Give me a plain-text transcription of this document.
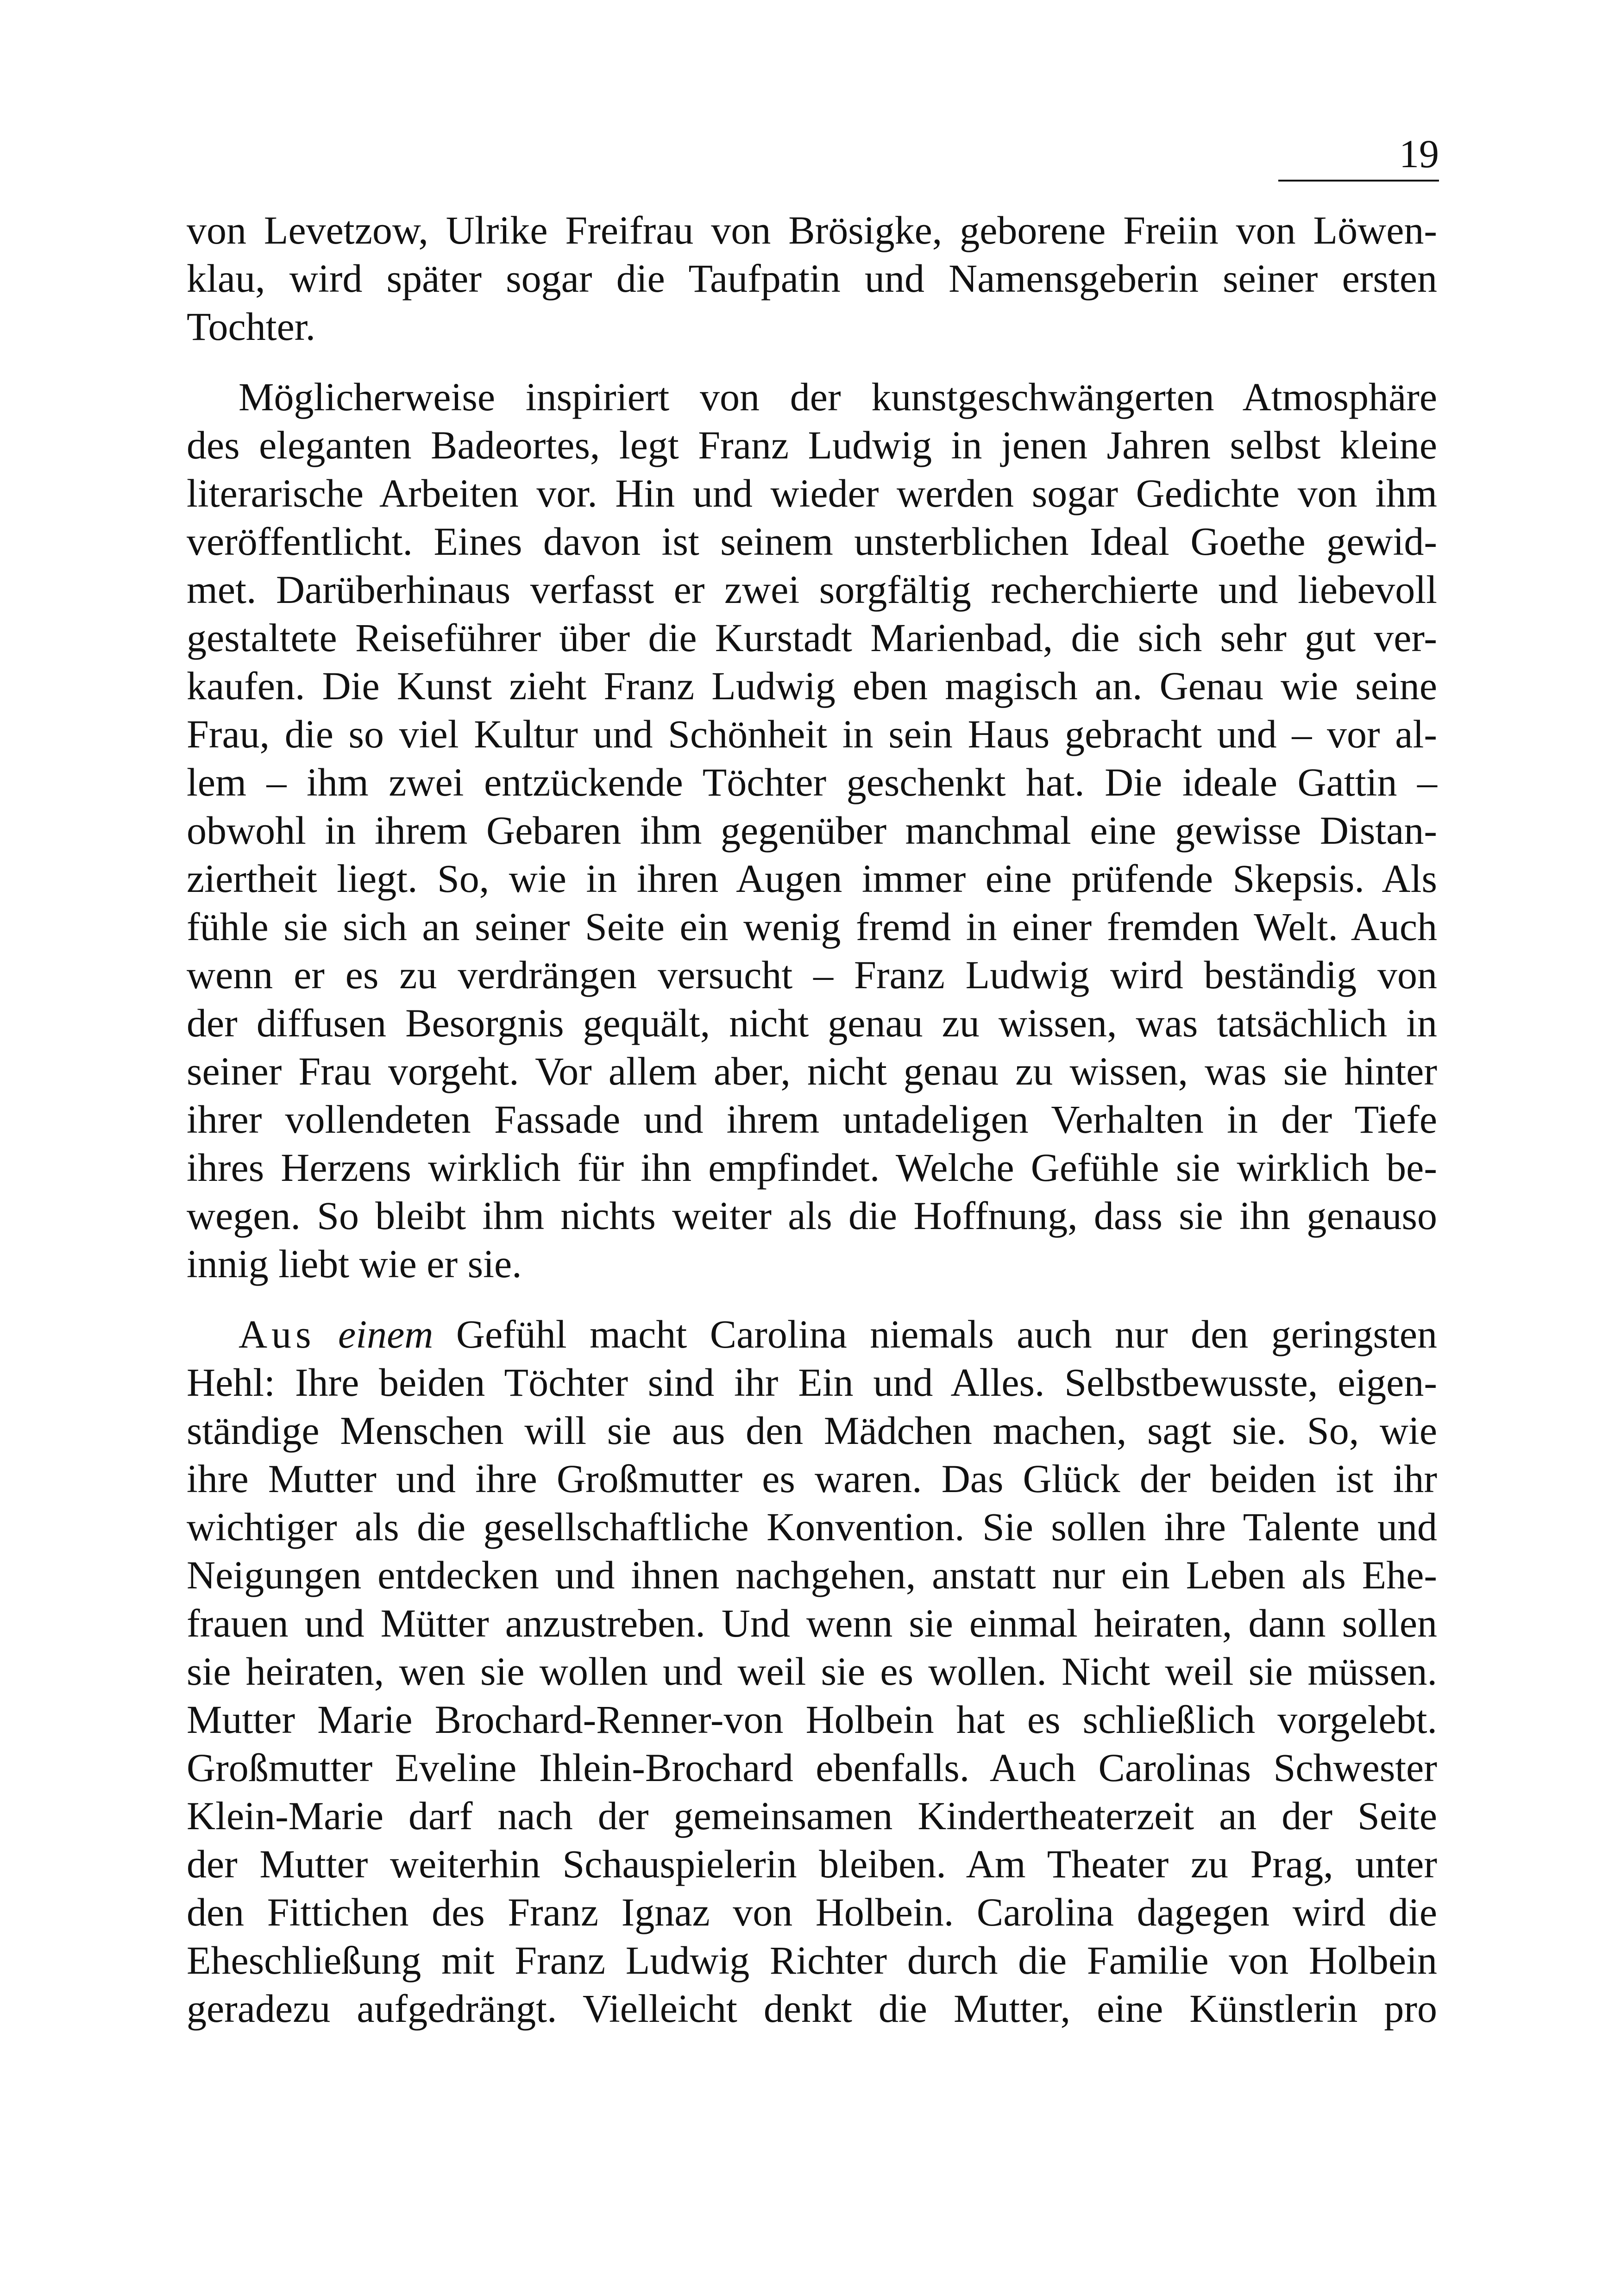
19
von Levetzow, Ulrike Freifrau von Brösigke, geborene Freiin von Löwen-
klau, wird später sogar die Taufpatin und Namensgeberin seiner ersten
Tochter.
Möglicherweise inspiriert von der kunstgeschwängerten Atmosphäre
des eleganten Badeortes, legt Franz Ludwig in jenen Jahren selbst kleine
literarische Arbeiten vor. Hin und wieder werden sogar Gedichte von ihm
veröffentlicht. Eines davon ist seinem unsterblichen Ideal Goethe gewid-
met. Darüberhinaus verfasst er zwei sorgfältig recherchierte und liebevoll
gestaltete Reiseführer über die Kurstadt Marienbad, die sich sehr gut ver-
kaufen. Die Kunst zieht Franz Ludwig eben magisch an. Genau wie seine
Frau, die so viel Kultur und Schönheit in sein Haus gebracht und – vor al-
lem – ihm zwei entzückende Töchter geschenkt hat. Die ideale Gattin –
obwohl in ihrem Gebaren ihm gegenüber manchmal eine gewisse Distan-
ziertheit liegt. So, wie in ihren Augen immer eine prüfende Skepsis. Als
fühle sie sich an seiner Seite ein wenig fremd in einer fremden Welt. Auch
wenn er es zu verdrängen versucht – Franz Ludwig wird beständig von
der diffusen Besorgnis gequält, nicht genau zu wissen, was tatsächlich in
seiner Frau vorgeht. Vor allem aber, nicht genau zu wissen, was sie hinter
ihrer vollendeten Fassade und ihrem untadeligen Verhalten in der Tiefe
ihres Herzens wirklich für ihn empfindet. Welche Gefühle sie wirklich be-
wegen. So bleibt ihm nichts weiter als die Hoffnung, dass sie ihn genauso
innig liebt wie er sie.
Aus einem Gefühl macht Carolina niemals auch nur den geringsten
Hehl: Ihre beiden Töchter sind ihr Ein und Alles. Selbstbewusste, eigen-
ständige Menschen will sie aus den Mädchen machen, sagt sie. So, wie
ihre Mutter und ihre Großmutter es waren. Das Glück der beiden ist ihr
wichtiger als die gesellschaftliche Konvention. Sie sollen ihre Talente und
Neigungen entdecken und ihnen nachgehen, anstatt nur ein Leben als Ehe-
frauen und Mütter anzustreben. Und wenn sie einmal heiraten, dann sollen
sie heiraten, wen sie wollen und weil sie es wollen. Nicht weil sie müssen.
Mutter Marie Brochard-Renner-von Holbein hat es schließlich vorgelebt.
Großmutter Eveline Ihlein-Brochard ebenfalls. Auch Carolinas Schwester
Klein-Marie darf nach der gemeinsamen Kindertheaterzeit an der Seite
der Mutter weiterhin Schauspielerin bleiben. Am Theater zu Prag, unter
den Fittichen des Franz Ignaz von Holbein. Carolina dagegen wird die
Eheschließung mit Franz Ludwig Richter durch die Familie von Holbein
geradezu aufgedrängt. Vielleicht denkt die Mutter, eine Künstlerin pro
